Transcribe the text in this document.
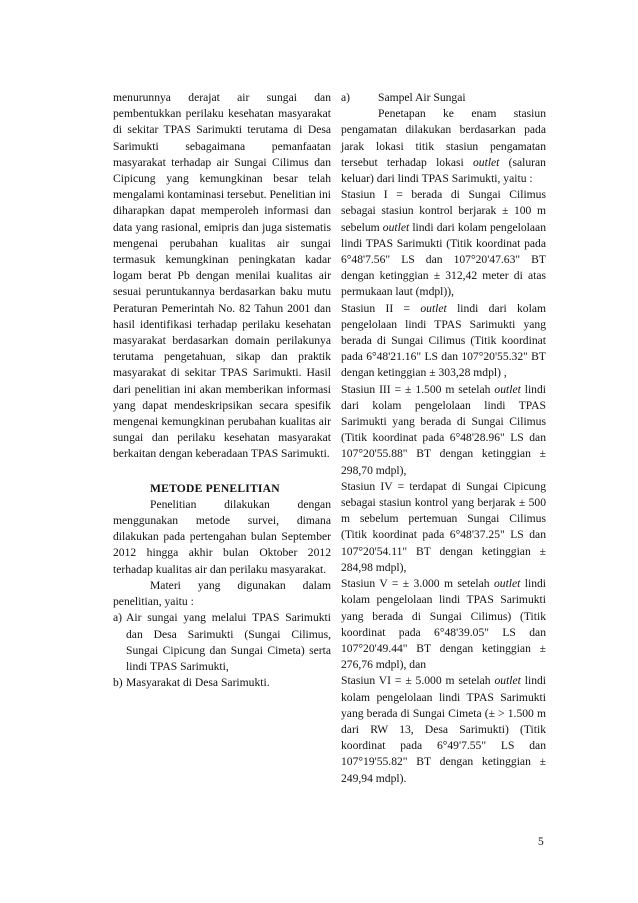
menurunnya derajat air sungai dan pembentukkan perilaku kesehatan masyarakat di sekitar TPAS Sarimukti terutama di Desa Sarimukti sebagaimana pemanfaatan masyarakat terhadap air Sungai Cilimus dan Cipicung yang kemungkinan besar telah mengalami kontaminasi tersebut. Penelitian ini diharapkan dapat memperoleh informasi dan data yang rasional, emipris dan juga sistematis mengenai perubahan kualitas air sungai termasuk kemungkinan peningkatan kadar logam berat Pb dengan menilai kualitas air sesuai peruntukannya berdasarkan baku mutu Peraturan Pemerintah No. 82 Tahun 2001 dan hasil identifikasi terhadap perilaku kesehatan masyarakat berdasarkan domain perilakunya terutama pengetahuan, sikap dan praktik masyarakat di sekitar TPAS Sarimukti. Hasil dari penelitian ini akan memberikan informasi yang dapat mendeskripsikan secara spesifik mengenai kemungkinan perubahan kualitas air sungai dan perilaku kesehatan masyarakat berkaitan dengan keberadaan TPAS Sarimukti.

METODE PENELITIAN

Penelitian dilakukan dengan menggunakan metode survei, dimana dilakukan pada pertengahan bulan September 2012 hingga akhir bulan Oktober 2012 terhadap kualitas air dan perilaku masyarakat.

Materi yang digunakan dalam penelitian, yaitu :

a) Air sungai yang melalui TPAS Sarimukti dan Desa Sarimukti (Sungai Cilimus, Sungai Cipicung dan Sungai Cimeta) serta lindi TPAS Sarimukti,
b) Masyarakat di Desa Sarimukti.
a)	Sampel Air Sungai

Penetapan ke enam stasiun pengamatan dilakukan berdasarkan pada jarak lokasi titik stasiun pengamatan tersebut terhadap lokasi outlet (saluran keluar) dari lindi TPAS Sarimukti, yaitu :

Stasiun I = berada di Sungai Cilimus sebagai stasiun kontrol berjarak ± 100 m sebelum outlet lindi dari kolam pengelolaan lindi TPAS Sarimukti (Titik koordinat pada 6°48'7.56" LS dan 107°20'47.63" BT dengan ketinggian ± 312,42 meter di atas permukaan laut (mdpl)),

Stasiun II = outlet lindi dari kolam pengelolaan lindi TPAS Sarimukti yang berada di Sungai Cilimus (Titik koordinat pada 6°48'21.16" LS dan 107°20'55.32" BT dengan ketinggian ± 303,28 mdpl) ,

Stasiun III = ± 1.500 m setelah outlet lindi dari kolam pengelolaan lindi TPAS Sarimukti yang berada di Sungai Cilimus (Titik koordinat pada 6°48'28.96" LS dan 107°20'55.88" BT dengan ketinggian ± 298,70 mdpl),

Stasiun IV = terdapat di Sungai Cipicung sebagai stasiun kontrol yang berjarak ± 500 m sebelum pertemuan Sungai Cilimus (Titik koordinat pada 6°48'37.25" LS dan 107°20'54.11" BT dengan ketinggian ± 284,98 mdpl),

Stasiun V = ± 3.000 m setelah outlet lindi kolam pengelolaan lindi TPAS Sarimukti yang berada di Sungai Cilimus) (Titik koordinat pada 6°48'39.05" LS dan 107°20'49.44" BT dengan ketinggian ± 276,76 mdpl), dan

Stasiun VI = ± 5.000 m setelah outlet lindi kolam pengelolaan lindi TPAS Sarimukti yang berada di Sungai Cimeta (± > 1.500 m dari RW 13, Desa Sarimukti) (Titik koordinat pada 6°49'7.55" LS dan 107°19'55.82" BT dengan ketinggian ± 249,94 mdpl).

5
